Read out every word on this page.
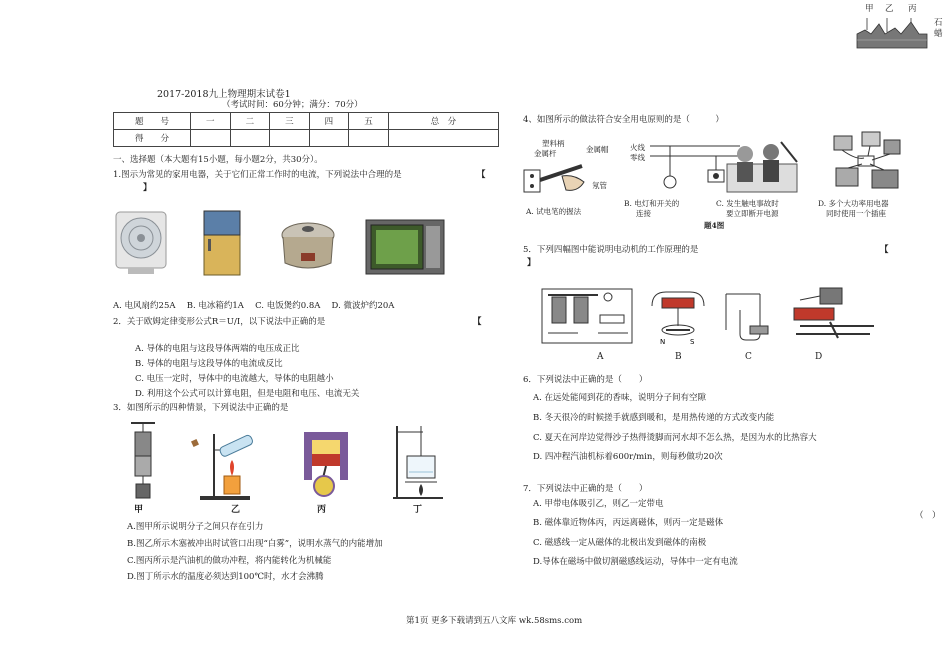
甲 乙 丙
石
蜡
2017-2018九上物理期末试卷1
（考试时间：60分钟；满分：70分）
题　　号	一	二	三	四	五	总　分
得　　分						
一、选择题（本大题有15小题，每小题2分，共30分）。
1.图示为常见的家用电器，关于它们正常工作时的电流，下列说法中合理的是	【
】
A. 电风扇约25A　 B. 电冰箱约1A　 C. 电饭煲约0.8A　 D. 微波炉约20A
2．关于欧姆定律变形公式R＝U/I，以下说法中正确的是	【
A. 导体的电阻与这段导体两端的电压成正比
B. 导体的电阻与这段导体的电流成反比
C. 电压一定时，导体中的电流越大，导体的电阻越小
D. 利用这个公式可以计算电阻，但是电阻和电压、电流无关
3．如图所示的四种情景，下列说法中正确的是
甲	乙	丙	丁
A.图甲所示说明分子之间只存在引力
B.图乙所示木塞被冲出时试管口出现“白雾”，说明水蒸气的内能增加
C.图丙所示是汽油机的做功冲程，将内能转化为机械能
D.图丁所示水的温度必须达到100℃时，水才会沸腾
4、如图所示的做法符合安全用电原则的是（　　　）
塑料柄
金属杆	金属帽
氖管
火线
零线
A. 试电笔的握法
B. 电灯和开关的
连接
C. 发生触电事故时
要立即断开电源
D. 多个大功率用电器
同时使用一个插座
题4图
5．下列四幅图中能说明电动机的工作原理的是	【
】
A
N	S
B	C	D
6．下列说法中正确的是（　　）
A. 在远处能闻到花的香味，说明分子间有空隙
B. 冬天很冷的时候搓手就感到暖和，是用热传递的方式改变内能
C. 夏天在河岸边觉得沙子热得烫脚而河水却不怎么热，是因为水的比热容大
D. 四冲程汽油机标着600r/min，则每秒做功20次
7．下列说法中正确的是（　　）
A. 甲带电体吸引乙，则乙一定带电
B. 磁体靠近物体丙，丙远离磁体，则丙一定是磁体
C. 磁感线一定从磁体的北极出发到磁体的南极
D.导体在磁场中做切割磁感线运动，导体中一定有电流
（　）
第1页 更多下载请到五八文库 wk.58sms.com
